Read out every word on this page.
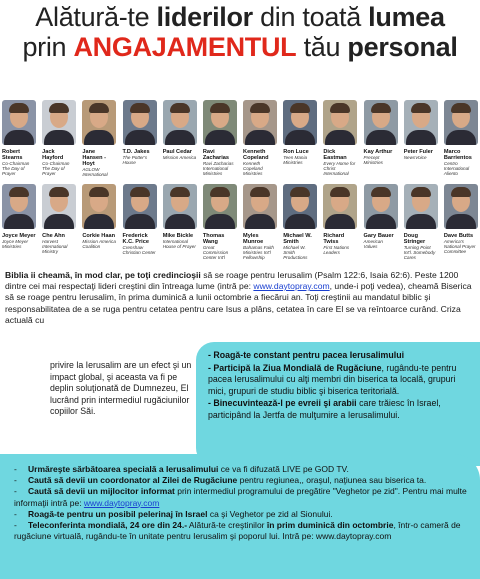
Alătură-te liderilor din toată lumea
prin ANGAJAMENTUL tău personal
Robert Stearns
Co-Chairman The Day of Prayer
Jack Hayford
Co-Chairman The Day of Prayer
Jane Hansen - Hoyt
AGLOW International
T.D. Jakes
The Potter's House
Paul Cedar
Mission America
Ravi Zacharias
Ravi Zacharias International Ministries
Kenneth Copeland
Kenneth Copeland Ministries
Ron Luce
Teen Mania Ministries
Dick Eastman
Every Home for Christ International
Kay Arthur
Precept Ministries
Peter Fuler
NewsVoice
Marco Barrientos
Centro International Aliento
Joyce Meyer
Joyce Meyer Ministries
Che Ahn
Harvest International Ministry
Corkie Haan
Mission America Coalition
Frederick K.C. Price
Crenshaw Christian Center
Mike Bickle
International House of Prayer
Thomas Wang
Great Commission Center Int'l
Myles Munroe
Bahamas Faith Ministries Int'l Fellowship
Michael W. Smith
Michael W. Smith Productions
Richard Twiss
First Nations Leaders
Gary Bauer
American Values
Doug Stringer
Turning Point Int'l. Somebody Cares
Dave Butts
America's National Prayer Committee
Biblia ii cheamă, în mod clar, pe toţi credincioşii să se roage pentru Ierusalim (Psalm 122:6, Isaia 62:6). Peste 1200 dintre cei mai respectaţi lideri creştini din întreaga lume (intră pe: www.daytopray.com, unde-i poţi vedea), cheamă Biserica să se roage pentru Ierusalim, în prima duminică a lunii octombrie a fiecărui an. Toţi creştinii au mandatul biblic şi responsabilitatea de a se ruga pentru cetatea pentru care Isus a plâns, cetatea în care El se va reîntoarce curând. Criza actuală cu
privire la Ierusalim are un efect şi un impact global, şi aceasta va fi pe deplin soluţionată de Dumnezeu, El lucrând prin intermediul rugăciunilor copiilor Săi.
- Roagă-te constant pentru pacea Ierusalimului
- Participă la Ziua Mondială de Rugăciune, rugându-te pentru pacea Ierusalimului cu alţi membri din biserica ta locală, grupuri mici, grupuri de studiu biblic şi biserica teritorială.
- Binecuvintează-l pe evreii şi arabii care trăiesc în Israel, participând la Jertfa de mulţumire a Ierusalimului.

- Urmăreşte sărbătoarea specială a Ierusalimului ce va fi difuzată LIVE pe GOD TV.

- Caută să devii un coordonator al Zilei de Rugăciune pentru regiunea,, oraşul, naţiunea sau biserica ta.

- Caută să devii un mijlocitor informat prin intermediul programului de pregătire "Veghetor pe zid". Pentru mai multe informaţii intră pe: www.daytopray.com

- Roagă-te pentru un posibil pelerinaj în Israel ca şi Veghetor pe zid al Sionului.

- Teleconferinta mondială, 24 ore din 24.- Alătură-te creştinilor în prim duminică din octombrie, într-o cameră de rugăciune virtuală, rugându-te în unitate pentru Ierusalim şi poporul lui. Intră pe: www.daytopray.com
